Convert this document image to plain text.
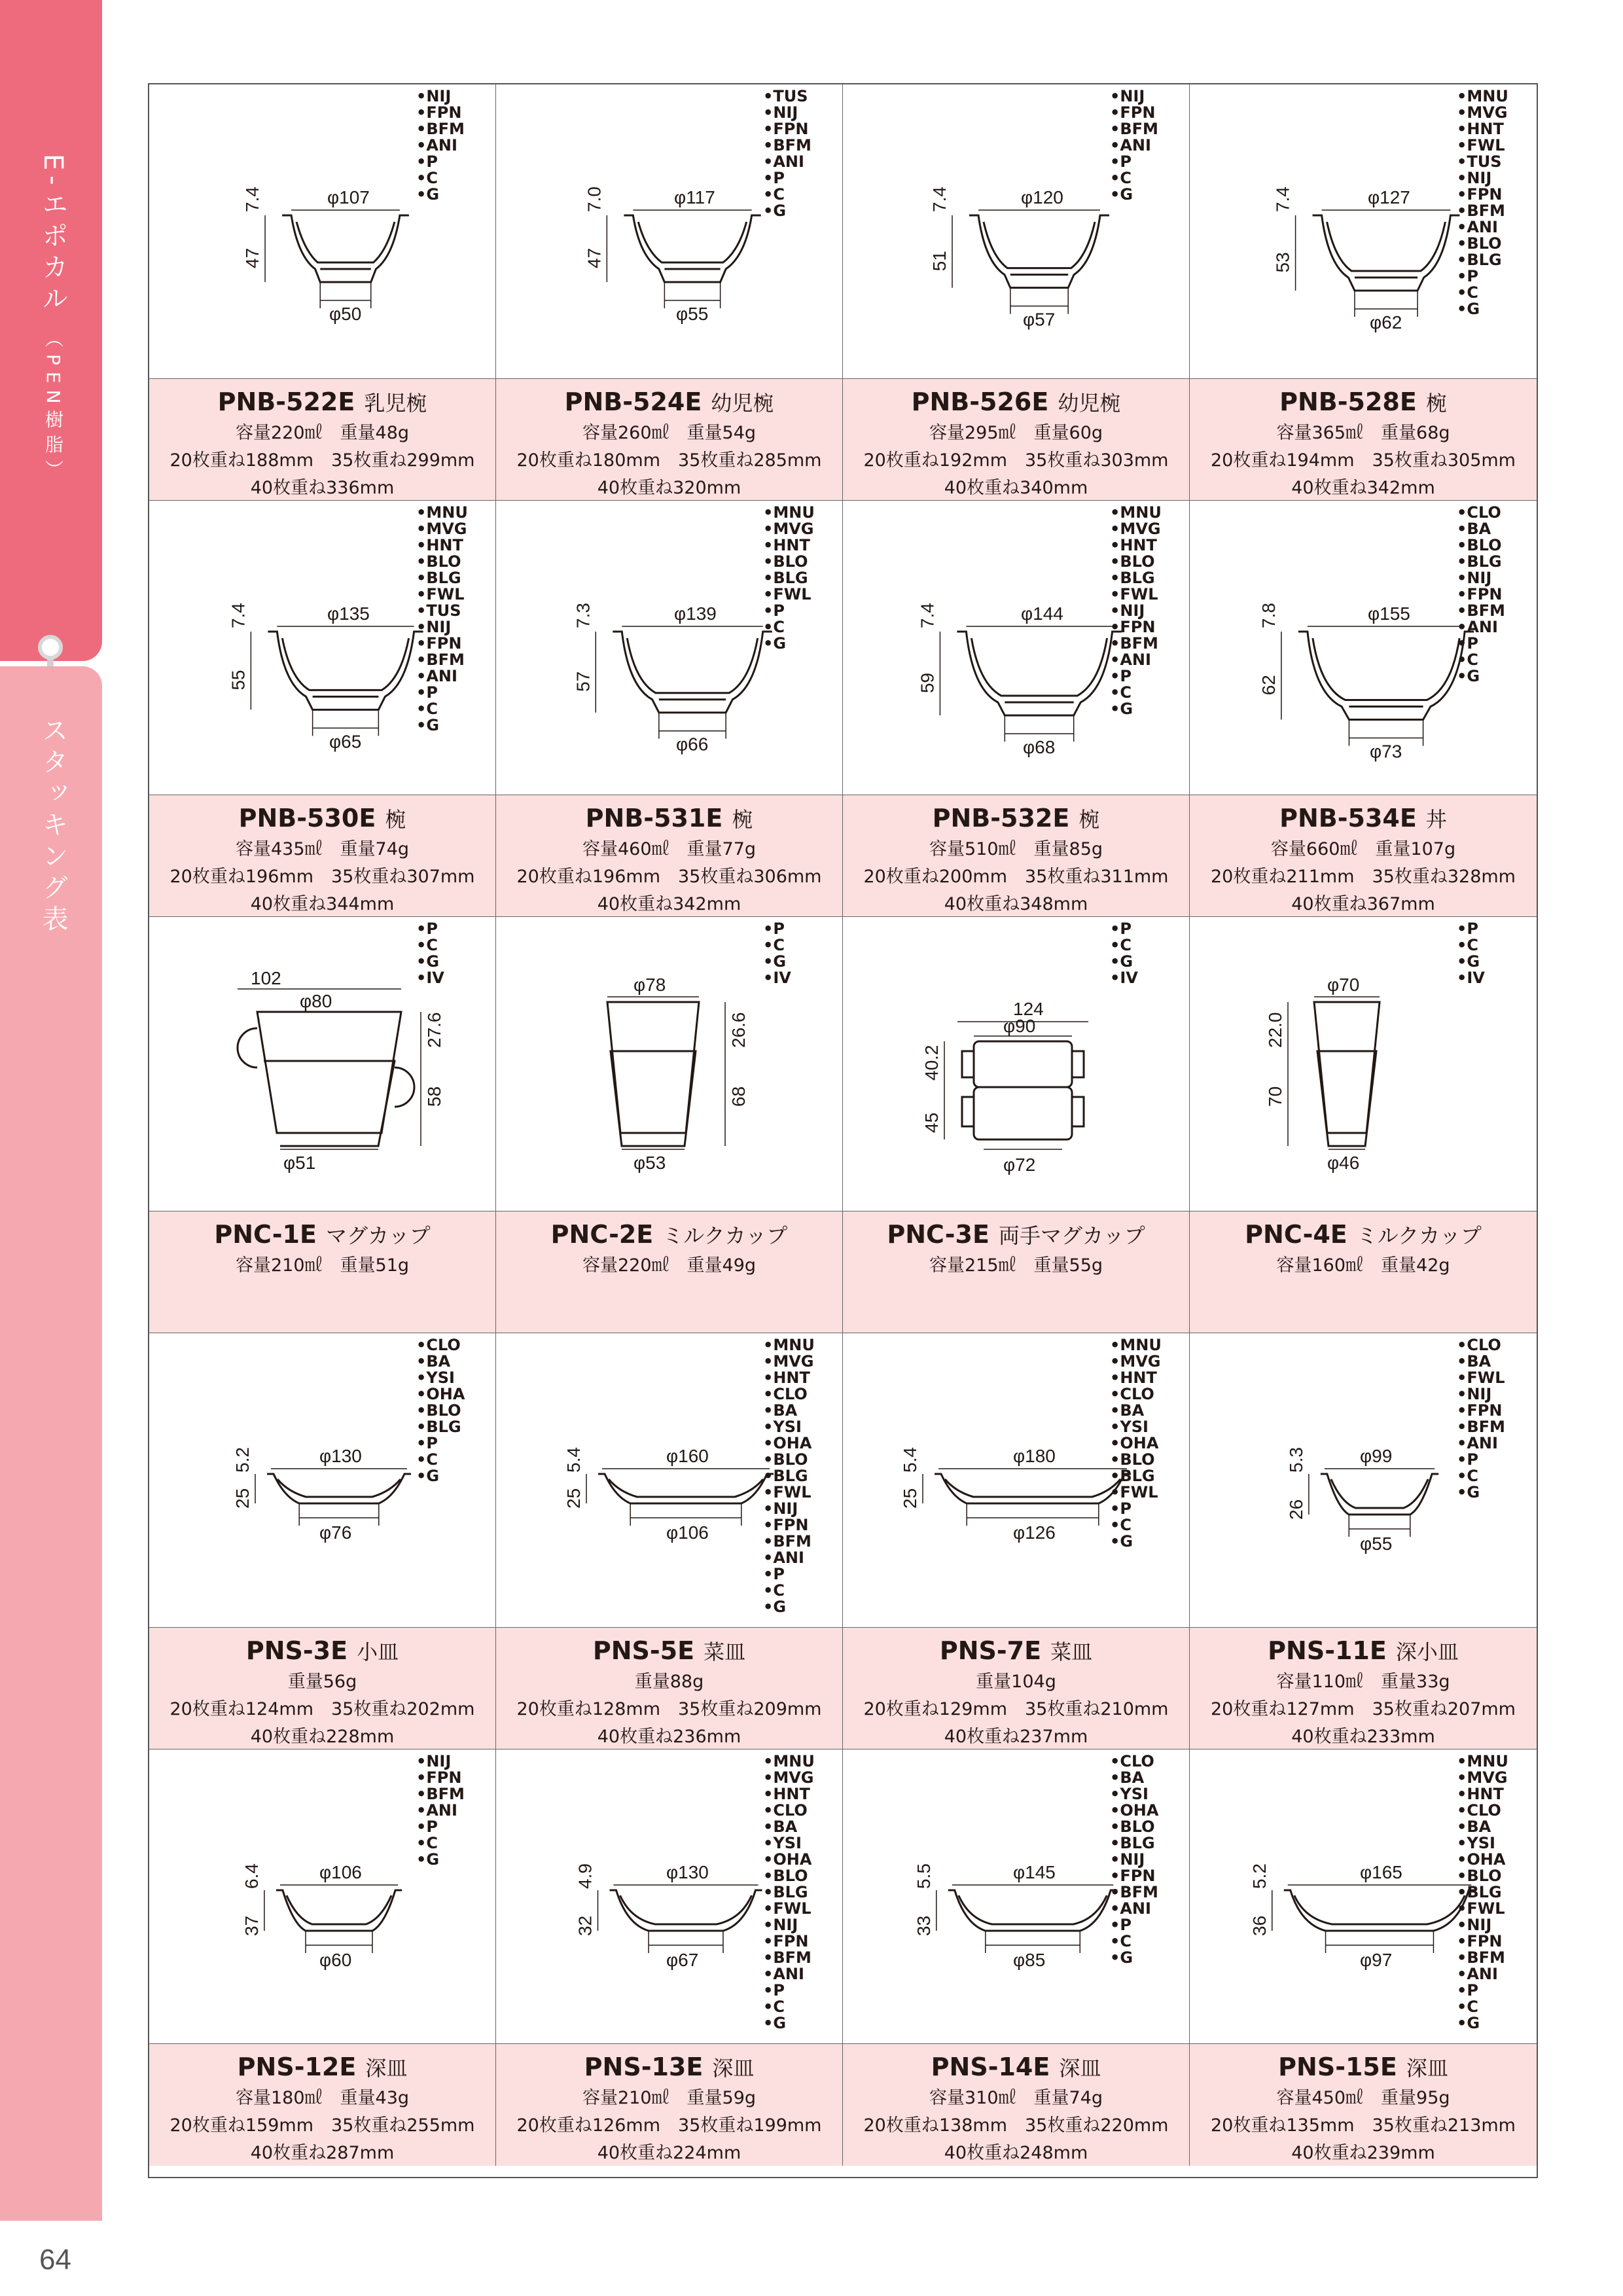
E-エポカル（PEN樹脂）
スタッキング表
64
• NIJ
• FPN
• BFM
• ANI
• P
• C
• G
φ107
φ50
47
7.4
• TUS
• NIJ
• FPN
• BFM
• ANI
• P
• C
• G
φ117
φ55
47
7.0
• NIJ
• FPN
• BFM
• ANI
• P
• C
• G
φ120
φ57
51
7.4
• MNU
• MVG
• HNT
• FWL
• TUS
• NIJ
• FPN
• BFM
• ANI
• BLO
• BLG
• P
• C
• G
φ127
φ62
53
7.4
PNB-522E 乳児椀
容量220㎖　重量48g
20枚重ね188mm　35枚重ね299mm
40枚重ね336mm
PNB-524E 幼児椀
容量260㎖　重量54g
20枚重ね180mm　35枚重ね285mm
40枚重ね320mm
PNB-526E 幼児椀
容量295㎖　重量60g
20枚重ね192mm　35枚重ね303mm
40枚重ね340mm
PNB-528E 椀
容量365㎖　重量68g
20枚重ね194mm　35枚重ね305mm
40枚重ね342mm
• MNU
• MVG
• HNT
• BLO
• BLG
• FWL
• TUS
• NIJ
• FPN
• BFM
• ANI
• P
• C
• G
φ135
φ65
55
7.4
• MNU
• MVG
• HNT
• BLO
• BLG
• FWL
• P
• C
• G
φ139
φ66
57
7.3
• MNU
• MVG
• HNT
• BLO
• BLG
• FWL
• NIJ
• FPN
• BFM
• ANI
• P
• C
• G
φ144
φ68
59
7.4
• CLO
• BA
• BLO
• BLG
• NIJ
• FPN
• BFM
• ANI
• P
• C
• G
φ155
φ73
62
7.8
PNB-530E 椀
容量435㎖　重量74g
20枚重ね196mm　35枚重ね307mm
40枚重ね344mm
PNB-531E 椀
容量460㎖　重量77g
20枚重ね196mm　35枚重ね306mm
40枚重ね342mm
PNB-532E 椀
容量510㎖　重量85g
20枚重ね200mm　35枚重ね311mm
40枚重ね348mm
PNB-534E 丼
容量660㎖　重量107g
20枚重ね211mm　35枚重ね328mm
40枚重ね367mm
• P
• C
• G
• IV
102
φ80
φ51
58
27.6
• P
• C
• G
• IV
φ78
φ53
68
26.6
• P
• C
• G
• IV
124
φ90
φ72
45
40.2
• P
• C
• G
• IV
φ70
φ46
70
22.0
PNC-1E マグカップ
容量210㎖　重量51g
PNC-2E ミルクカップ
容量220㎖　重量49g
PNC-3E 両手マグカップ
容量215㎖　重量55g
PNC-4E ミルクカップ
容量160㎖　重量42g
• CLO
• BA
• YSI
• OHA
• BLO
• BLG
• P
• C
• G
φ130
φ76
25
5.2
• MNU
• MVG
• HNT
• CLO
• BA
• YSI
• OHA
• BLO
• BLG
• FWL
• NIJ
• FPN
• BFM
• ANI
• P
• C
• G
φ160
φ106
25
5.4
• MNU
• MVG
• HNT
• CLO
• BA
• YSI
• OHA
• BLO
• BLG
• FWL
• P
• C
• G
φ180
φ126
25
5.4
• CLO
• BA
• FWL
• NIJ
• FPN
• BFM
• ANI
• P
• C
• G
φ99
φ55
26
5.3
PNS-3E 小皿
重量56g
20枚重ね124mm　35枚重ね202mm
40枚重ね228mm
PNS-5E 菜皿
重量88g
20枚重ね128mm　35枚重ね209mm
40枚重ね236mm
PNS-7E 菜皿
重量104g
20枚重ね129mm　35枚重ね210mm
40枚重ね237mm
PNS-11E 深小皿
容量110㎖　重量33g
20枚重ね127mm　35枚重ね207mm
40枚重ね233mm
• NIJ
• FPN
• BFM
• ANI
• P
• C
• G
φ106
φ60
37
6.4
• MNU
• MVG
• HNT
• CLO
• BA
• YSI
• OHA
• BLO
• BLG
• FWL
• NIJ
• FPN
• BFM
• ANI
• P
• C
• G
φ130
φ67
32
4.9
• CLO
• BA
• YSI
• OHA
• BLO
• BLG
• NIJ
• FPN
• BFM
• ANI
• P
• C
• G
φ145
φ85
33
5.5
• MNU
• MVG
• HNT
• CLO
• BA
• YSI
• OHA
• BLO
• BLG
• FWL
• NIJ
• FPN
• BFM
• ANI
• P
• C
• G
φ165
φ97
36
5.2
PNS-12E 深皿
容量180㎖　重量43g
20枚重ね159mm　35枚重ね255mm
40枚重ね287mm
PNS-13E 深皿
容量210㎖　重量59g
20枚重ね126mm　35枚重ね199mm
40枚重ね224mm
PNS-14E 深皿
容量310㎖　重量74g
20枚重ね138mm　35枚重ね220mm
40枚重ね248mm
PNS-15E 深皿
容量450㎖　重量95g
20枚重ね135mm　35枚重ね213mm
40枚重ね239mm
